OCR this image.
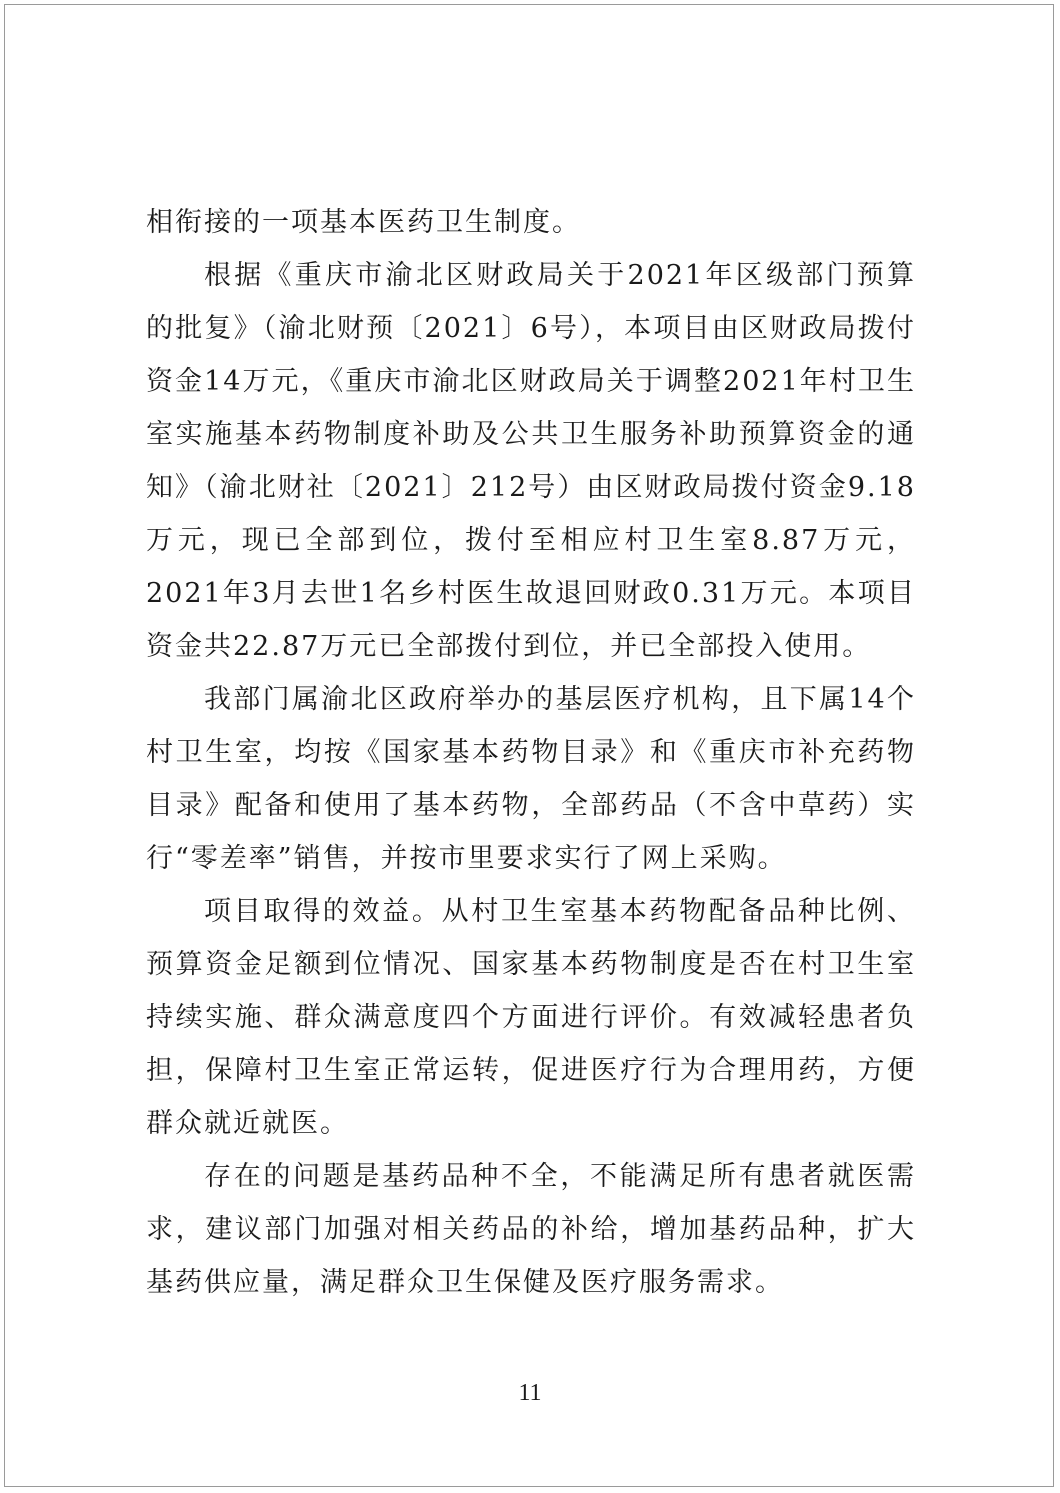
相衔接的一项基本医药卫生制度。

根据《重庆市渝北区财政局关于2021年区级部门预算的批复》（渝北财预〔2021〕6号），本项目由区财政局拨付资金14万元，《重庆市渝北区财政局关于调整2021年村卫生室实施基本药物制度补助及公共卫生服务补助预算资金的通知》（渝北财社〔2021〕212号）由区财政局拨付资金9.18万元，现已全部到位，拨付至相应村卫生室8.87万元，2021年3月去世1名乡村医生故退回财政0.31万元。本项目资金共22.87万元已全部拨付到位，并已全部投入使用。

我部门属渝北区政府举办的基层医疗机构，且下属14个村卫生室，均按《国家基本药物目录》和《重庆市补充药物目录》配备和使用了基本药物，全部药品（不含中草药）实行“零差率”销售，并按市里要求实行了网上采购。

项目取得的效益。从村卫生室基本药物配备品种比例、预算资金足额到位情况、国家基本药物制度是否在村卫生室持续实施、群众满意度四个方面进行评价。有效减轻患者负担，保障村卫生室正常运转，促进医疗行为合理用药，方便群众就近就医。

存在的问题是基药品种不全，不能满足所有患者就医需求，建议部门加强对相关药品的补给，增加基药品种，扩大基药供应量，满足群众卫生保健及医疗服务需求。

11
